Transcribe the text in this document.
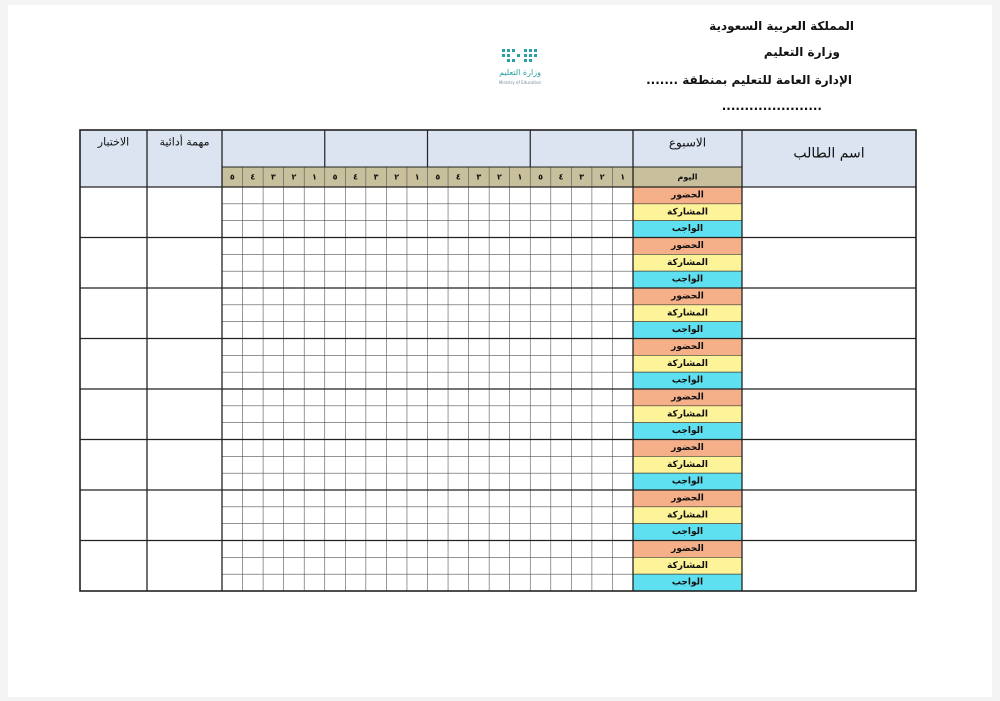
المملكة العربية السعودية
وزارة التعليم
الإدارة العامة للتعليم بمنطقة .......
......................
وزارة التعليم
Ministry of Education
اسم الطالب
الاسبوع
مهمة أدائية
الاختبار
اليوم
١
٢
٣
٤
٥
١
٢
٣
٤
٥
١
٢
٣
٤
٥
١
٢
٣
٤
٥
الحضور
المشاركة
الواجب
الحضور
المشاركة
الواجب
الحضور
المشاركة
الواجب
الحضور
المشاركة
الواجب
الحضور
المشاركة
الواجب
الحضور
المشاركة
الواجب
الحضور
المشاركة
الواجب
الحضور
المشاركة
الواجب
